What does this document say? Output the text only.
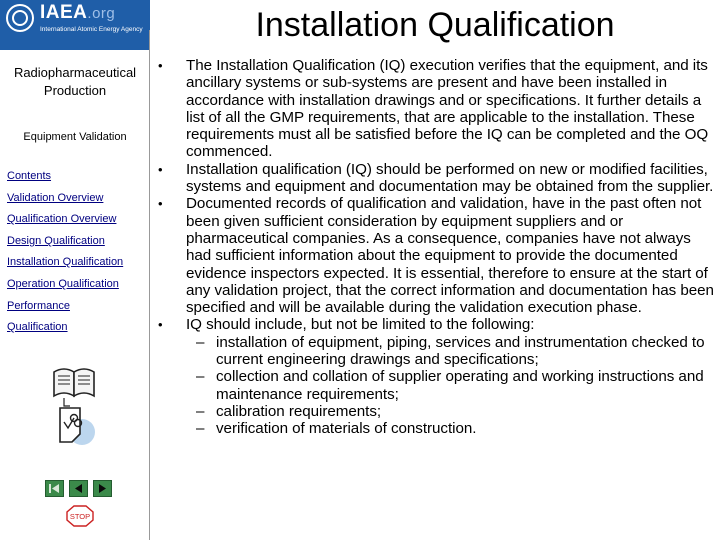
IAEA.org
International Atomic Energy Agency	Installation Qualification
Radiopharmaceutical
Production
Equipment Validation
Contents
Validation Overview
Qualification Overview
Design Qualification
Installation Qualification
Operation Qualification
Performance
Qualification
STOP

•	The Installation Qualification (IQ) execution verifies that the equipment, and its ancillary systems or sub-systems are present and have been installed in accordance with installation drawings and or specifications. It further details a list of all the GMP requirements, that are applicable to the installation. These requirements must all be satisfied before the IQ can be completed and the OQ commenced.

•	Installation qualification (IQ) should be performed on new or modified facilities, systems and equipment and documentation may be obtained from the supplier.

•	Documented records of qualification and validation, have in the past often not been given sufficient consideration by equipment suppliers and or pharmaceutical companies. As a consequence, companies have not always had sufficient information about the equipment to provide the documented evidence inspectors expected. It is essential, therefore to ensure at the start of any validation project, that the correct information and documentation has been specified and will be available during the validation execution phase.

•	IQ should include, but not be limited to the following:

– installation of equipment, piping, services and instrumentation checked to current engineering drawings and specifications;

– collection and collation of supplier operating and working instructions and maintenance requirements;

– calibration requirements;

– verification of materials of construction.
